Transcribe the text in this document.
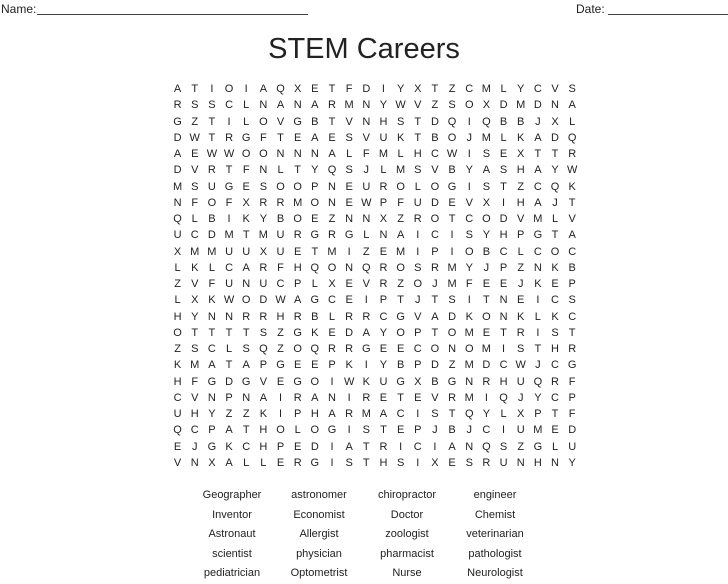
Name:	Date:
STEM Careers
A T	I	O	I	A Q X E T F D	I	Y X T Z C M L Y C V S
R S S C L N A N A R M N Y W V Z S O X D M D N A
G Z T	I	L O V G B T V N H S T D Q	I	Q B B J X L
D W T R G F T E A E S V U K T B O J M L K A D Q
A E W W O O N N N A L F M L H C W I	S E X T T R
D V R T F N L T Y Q S J	L M S V B Y A S H A Y W
M S U G E S O O P N E U R O L O G	I	S T Z C Q K
N F O F X R R M O N E W P F U D E V X	I	H A J	T
Q L B	I	K Y B O E Z N N X Z R O T C O D V M L V
U C D M T M U R G R G L N A	I	C	I	S Y H P G T A
X M M U U X U E T M	I	Z E M	I	P	I	O B C L C O C
L K L C A R F H Q O N Q R O S R M Y J P Z N K B
Z V F U N U C P L X E V R Z O J M F E E J K E P
L X K W O D W A G C E	I	P T	J	T S	I	T N E	I	C S
H Y N N R R H R B L R R C G V A D K O N K L K C
O T T T T S Z G K E D A Y O P T O M E T R	I	S T
Z S C L S Q Z O Q R R G E E C O N O M	I	S T H R
K M A T A P G E E P K	I	Y B P D Z M D C W J C G
H F G D G V E G O	I W K U G X B G N R H U Q R F
C V N P N A	I	R A N	I	R E T E V R M	I	Q J Y C P
U H Y Z Z K	I	P H A R M A C	I	S T Q Y L X P T F
Q C P A T H O L O G	I	S T E P J B J C	I	U M E D
E J G K C H P E D	I	A T R	I	C	I	A N Q S Z G L U
V N X A L	L E R G	I	S T H S	I	X E S R U N H N Y
Geographer	astronomer	chiropractor	engineer
Inventor	Economist	Doctor	Chemist
Astronaut	Allergist	zoologist	veterinarian
scientist	physician	pharmacist	pathologist
pediatrician	Optometrist	Nurse	Neurologist
